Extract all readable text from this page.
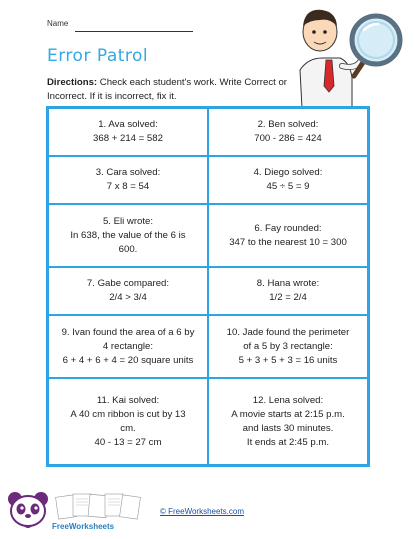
Name
Error Patrol
Directions: Check each student's work. Write Correct or Incorrect. If it is incorrect, fix it.
1. Ava solved:
368 + 214 = 582
2. Ben solved:
700 - 286 = 424
3. Cara solved:
7 x 8 = 54
4. Diego solved:
45 ÷ 5 = 9
5. Eli wrote:
In 638, the value of the 6 is
600.
6. Fay rounded:
347 to the nearest 10 = 300
7. Gabe compared:
2/4 > 3/4
8. Hana wrote:
1/2 = 2/4
9. Ivan found the area of a 6 by
4 rectangle:
6 + 4 + 6 + 4 = 20 square units
10. Jade found the perimeter
of a 5 by 3 rectangle:
5 + 3 + 5 + 3 = 16 units
11. Kai solved:
A 40 cm ribbon is cut by 13
cm.
40 - 13 = 27 cm
12. Lena solved:
A movie starts at 2:15 p.m.
and lasts 30 minutes.
It ends at 2:45 p.m.
FreeWorksheets
© FreeWorksheets.com
